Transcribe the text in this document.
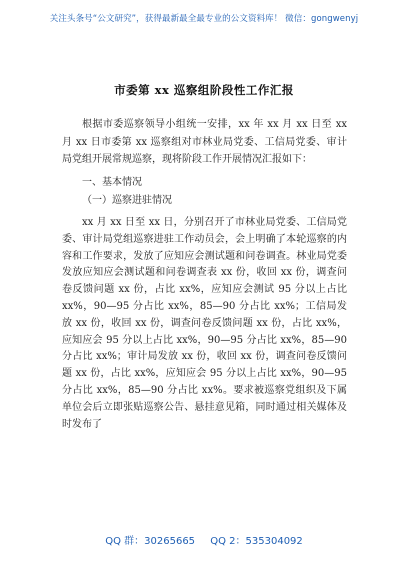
关注头条号“公文研究”，获得最新最全最专业的公文资料库！ 微信：gongwenyj
市委第 xx 巡察组阶段性工作汇报

根据市委巡察领导小组统一安排，xx 年 xx 月 xx 日至 xx 月 xx 日市委第 xx 巡察组对市林业局党委、工信局党委、审计局党组开展常规巡察，现将阶段工作开展情况汇报如下：

一、基本情况

（一）巡察进驻情况

xx 月 xx 日至 xx 日，分别召开了市林业局党委、工信局党委、审计局党组巡察进驻工作动员会，会上明确了本轮巡察的内容和工作要求，发放了应知应会测试题和问卷调查。林业局党委发放应知应会测试题和问卷调查表 xx 份，收回 xx 份，调查问卷反馈问题 xx 份，占比 xx%，应知应会测试 95 分以上占比 xx%，90—95 分占比 xx%，85—90 分占比 xx%；工信局发放 xx 份，收回 xx 份，调查问卷反馈问题 xx 份，占比 xx%，应知应会 95 分以上占比 xx%，90—95 分占比 xx%，85—90 分占比 xx%；审计局发放 xx 份，收回 xx 份，调查问卷反馈问题 xx 份，占比 xx%，应知应会 95 分以上占比 xx%，90—95 分占比 xx%，85—90 分占比 xx%。要求被巡察党组织及下属单位会后立即张贴巡察公告、悬挂意见箱，同时通过相关媒体及时发布了

QQ 群：30265665 QQ 2：535304092
